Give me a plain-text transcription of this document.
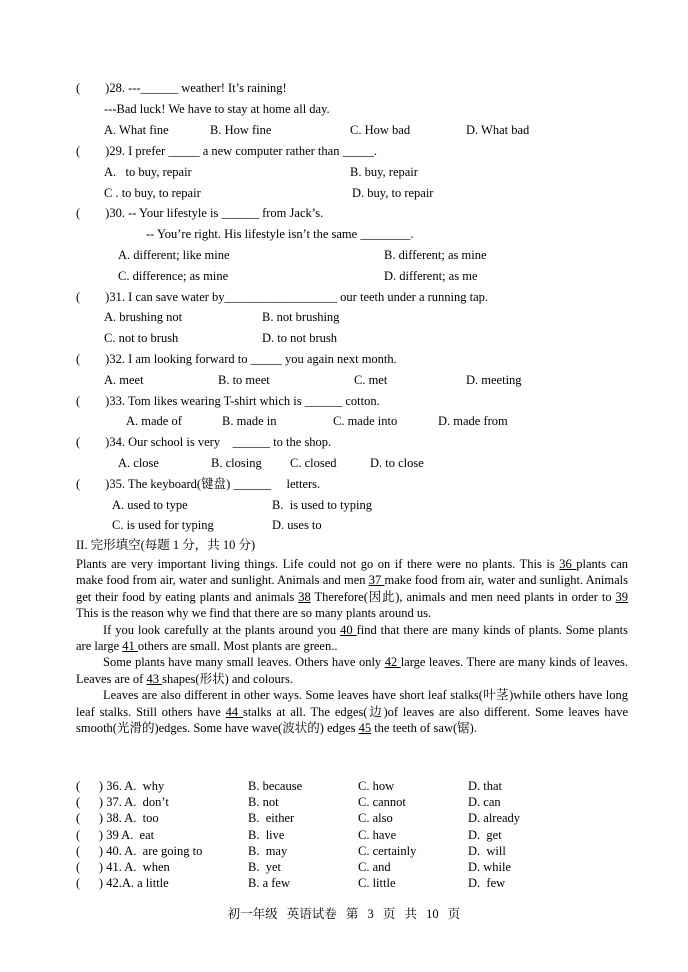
(        )28. ---______ weather! It’s raining!
---Bad luck! We have to stay at home all day.
A. What fine	B. How fine	C. How bad	D. What bad
(        )29. I prefer _____ a new computer rather than _____.
A.   to buy, repair	B. buy, repair
C . to buy, to repair	D. buy, to repair
(        )30. -- Your lifestyle is ______ from Jack’s.
-- You’re right. His lifestyle isn’t the same ________.
A. different; like mine	B. different; as mine
C. difference; as mine	D. different; as me
(        )31. I can save water by__________________ our teeth under a running tap.
A. brushing not	B. not brushing
C. not to brush	D. to not brush
(        )32. I am looking forward to _____ you again next month.
A. meet	B. to meet	C. met	D. meeting
(        )33. Tom likes wearing T-shirt which is ______ cotton.
A. made of	B. made in	C. made into	D. made from
(        )34. Our school is very    ______ to the shop.
A. close	B. closing C. closed	D. to close
(        )35. The keyboard(键盘) ______     letters.
A. used to type	B.  is used to typing
C. is used for typing	D. uses to
II. 完形填空(每题 1 分，共 10 分)
Plants are very important living things. Life could not go on if there were no plants. This is 36 plants can make food from air, water and sunlight. Animals and men 37 make food from air, water and sunlight. Animals get their food by eating plants and animals 38 Therefore(因此), animals and men need plants in order to 39 This is the reason why we find that there are so many plants around us.
If you look carefully at the plants around you 40 find that there are many kinds of plants. Some plants are large 41 others are small. Most plants are green..
Some plants have many small leaves. Others have only 42 large leaves. There are many kinds of leaves. Leaves are of 43 shapes(形状) and colours.
Leaves are also different in other ways. Some leaves have short leaf stalks(叶茎)while others have long leaf stalks. Still others have 44 stalks at all. The edges(边)of leaves are also different. Some leaves have smooth(光滑的)edges. Some have wave(波状的) edges 45 the teeth of saw(锯).
(      ) 36. A.  why	B. because	C. how	D. that
(      ) 37. A.  don’t	B. not	C. cannot	D. can
(      ) 38. A.  too	B.  either	C. also	D. already
(      ) 39 A.  eat	B.  live	C. have	D.  get
(      ) 40. A.  are going to	B.  may	C. certainly	D.  will
(      ) 41. A.  when	B.  yet	C. and	D. while
(      ) 42.A. a little	B. a few	C. little	D.  few
初一年级 英语试卷 第 3 页 共 10 页
